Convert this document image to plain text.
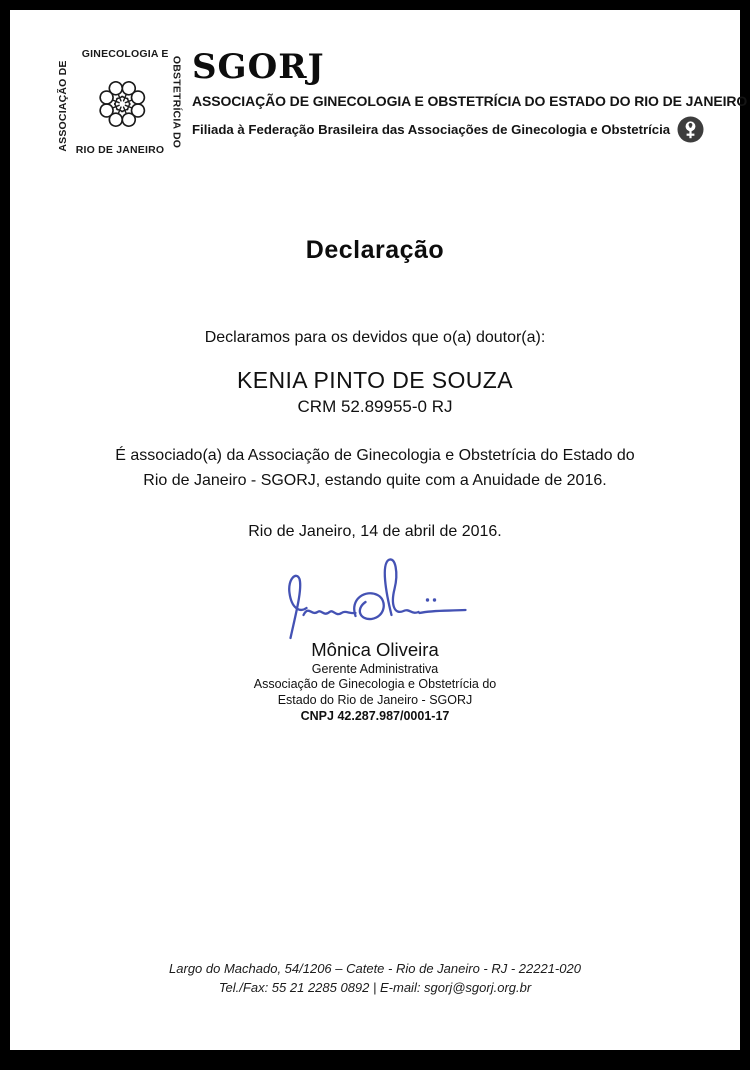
GINECOLOGIA E
ASSOCIAÇÃO DE	OBSTETRÍCIA DO
RIO DE JANEIRO
SGORJ
ASSOCIAÇÃO DE GINECOLOGIA E OBSTETRÍCIA DO ESTADO DO RIO DE JANEIRO
Filiada à Federação Brasileira das Associações de Ginecologia e Obstetrícia
Declaração

Declaramos para os devidos que o(a) doutor(a):

KENIA PINTO DE SOUZA
CRM 52.89955-0 RJ

É associado(a) da Associação de Ginecologia e Obstetrícia do Estado do
Rio de Janeiro - SGORJ, estando quite com a Anuidade de 2016.

Rio de Janeiro, 14 de abril de 2016.

Mônica Oliveira
Gerente Administrativa
Associação de Ginecologia e Obstetrícia do
Estado do Rio de Janeiro - SGORJ
CNPJ 42.287.987/0001-17
Largo do Machado, 54/1206 – Catete - Rio de Janeiro - RJ - 22221-020
Tel./Fax: 55 21 2285 0892 | E-mail: sgorj@sgorj.org.br
